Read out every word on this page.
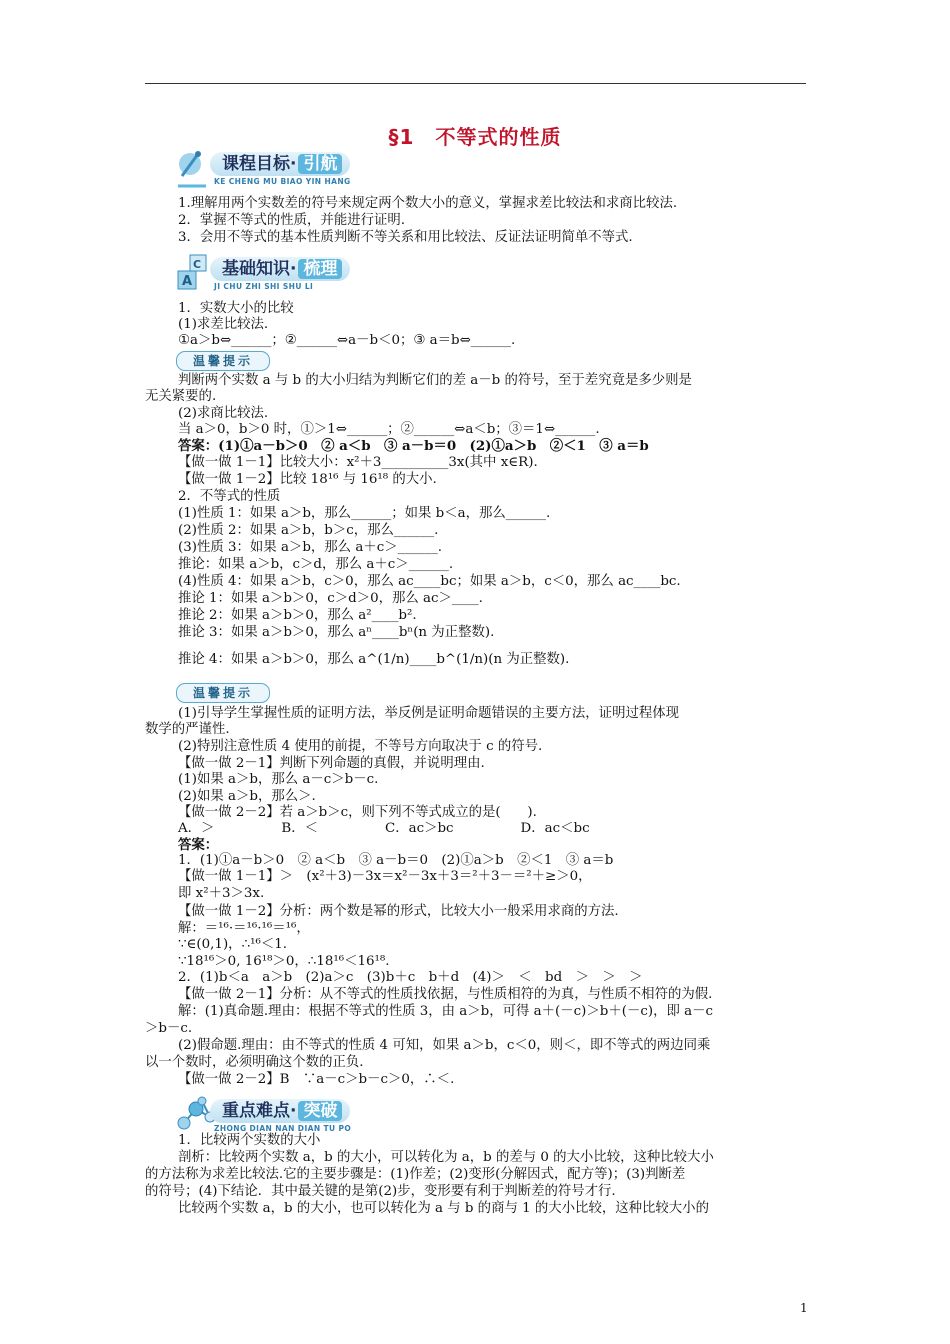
§1　不等式的性质
课程目标· 引航
KE CHENG MU BIAO YIN HANG
1.理解用两个实数差的符号来规定两个数大小的意义，掌握求差比较法和求商比较法.
2．掌握不等式的性质，并能进行证明.
3．会用不等式的基本性质判断不等关系和用比较法、反证法证明简单不等式.
A
C	基础知识· 梳理
JI CHU ZHI SHI SHU LI
1．实数大小的比较
(1)求差比较法.
①a＞b⇔______；②______⇔a－b＜0；③ a＝b⇔______.
温馨提示
判断两个实数 a 与 b 的大小归结为判断它们的差 a－b 的符号，至于差究竟是多少则是
无关紧要的.
(2)求商比较法.
当 a＞0，b＞0 时，①＞1⇔______；②______⇔a＜b；③＝1⇔______.
答案：(1)①a－b＞0　② a＜b　③ a－b＝0　(2)①a＞b　②＜1　③ a＝b
【做一做 1－1】比较大小：x²＋3__________3x(其中 x∈R).
【做一做 1－2】比较 18¹⁶ 与 16¹⁸ 的大小.
2．不等式的性质
(1)性质 1：如果 a＞b，那么______；如果 b＜a，那么______.
(2)性质 2：如果 a＞b，b＞c，那么______.
(3)性质 3：如果 a＞b，那么 a＋c＞______.
推论：如果 a＞b，c＞d，那么 a＋c＞______.
(4)性质 4：如果 a＞b，c＞0，那么 ac____bc；如果 a＞b，c＜0，那么 ac____bc.
推论 1：如果 a＞b＞0，c＞d＞0，那么 ac＞____.
推论 2：如果 a＞b＞0，那么 a²____b².
推论 3：如果 a＞b＞0，那么 aⁿ____bⁿ(n 为正整数).
推论 4：如果 a＞b＞0，那么 a^(1/n)____b^(1/n)(n 为正整数).
温馨提示
(1)引导学生掌握性质的证明方法，举反例是证明命题错误的主要方法，证明过程体现
数学的严谨性.
(2)特别注意性质 4 使用的前提，不等号方向取决于 c 的符号.
【做一做 2－1】判断下列命题的真假，并说明理由.
(1)如果 a＞b，那么 a－c＞b－c.
(2)如果 a＞b，那么＞.
【做一做 2－2】若 a＞b＞c，则下列不等式成立的是(　　).
A．＞　　　　　B．＜　　　　　C．ac＞bc　　　　　D．ac＜bc
答案：
1．(1)①a－b＞0　② a＜b　③ a－b＝0　(2)①a＞b　②＜1　③ a＝b
【做一做 1－1】＞　(x²＋3)－3x＝x²－3x＋3＝²＋3－＝²＋≥＞0，
即 x²＋3＞3x.
【做一做 1－2】分析：两个数是幂的形式，比较大小一般采用求商的方法.
解：＝¹⁶·＝¹⁶·¹⁶＝¹⁶，
∵∈(0,1)，∴¹⁶＜1.
∵18¹⁶＞0, 16¹⁸＞0，∴18¹⁶＜16¹⁸.
2．(1)b＜a　a＞b　(2)a＞c　(3)b＋c　b＋d　(4)＞　＜　bd　＞　＞　＞
【做一做 2－1】分析：从不等式的性质找依据，与性质相符的为真，与性质不相符的为假.
解：(1)真命题.理由：根据不等式的性质 3，由 a＞b，可得 a＋(－c)＞b＋(－c)，即 a－c
＞b－c.
(2)假命题.理由：由不等式的性质 4 可知，如果 a＞b，c＜0，则＜，即不等式的两边同乘
以一个数时，必须明确这个数的正负.
【做一做 2－2】B　∵a－c＞b－c＞0，∴＜.
重点难点· 突破
ZHONG DIAN NAN DIAN TU PO
1．比较两个实数的大小
剖析：比较两个实数 a，b 的大小，可以转化为 a，b 的差与 0 的大小比较，这种比较大小
的方法称为求差比较法.它的主要步骤是：(1)作差；(2)变形(分解因式，配方等)；(3)判断差
的符号；(4)下结论．其中最关键的是第(2)步，变形要有利于判断差的符号才行.
比较两个实数 a，b 的大小，也可以转化为 a 与 b 的商与 1 的大小比较，这种比较大小的
1
